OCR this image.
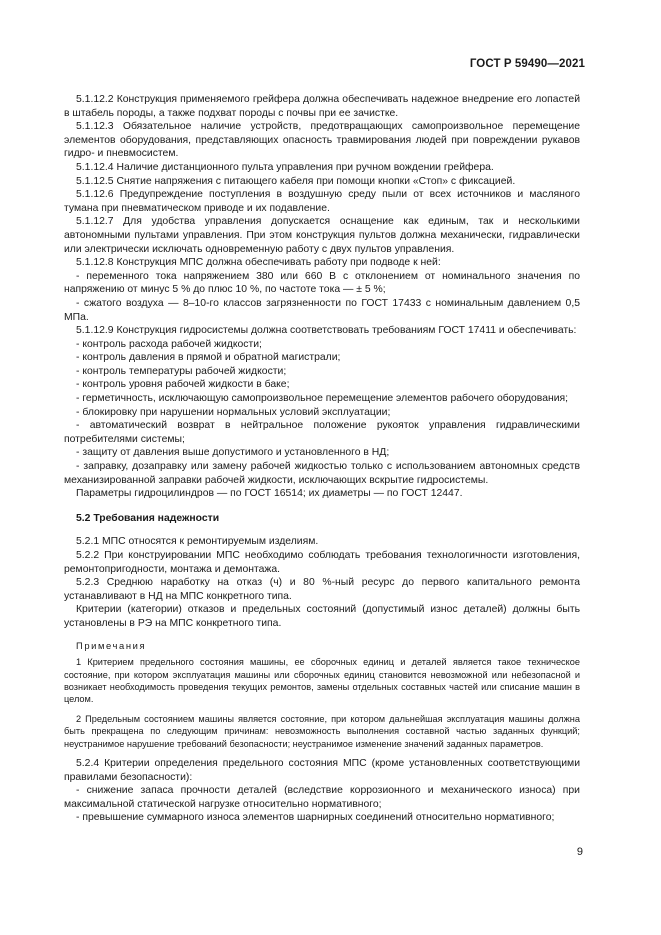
ГОСТ Р 59490—2021

5.1.12.2 Конструкция применяемого грейфера должна обеспечивать надежное внедрение его лопастей в штабель породы, а также подхват породы с почвы при ее зачистке.

5.1.12.3 Обязательное наличие устройств, предотвращающих самопроизвольное перемещение элементов оборудования, представляющих опасность травмирования людей при повреждении рукавов гидро- и пневмосистем.

5.1.12.4 Наличие дистанционного пульта управления при ручном вождении грейфера.

5.1.12.5 Снятие напряжения с питающего кабеля при помощи кнопки «Стоп» с фиксацией.

5.1.12.6 Предупреждение поступления в воздушную среду пыли от всех источников и масляного тумана при пневматическом приводе и их подавление.

5.1.12.7 Для удобства управления допускается оснащение как единым, так и несколькими автономными пультами управления. При этом конструкция пультов должна механически, гидравлически или электрически исключать одновременную работу с двух пультов управления.

5.1.12.8 Конструкция МПС должна обеспечивать работу при подводе к ней:

- переменного тока напряжением 380 или 660 В с отклонением от номинального значения по напряжению от минус 5 % до плюс 10 %, по частоте тока — ± 5 %;

- сжатого воздуха — 8–10-го классов загрязненности по ГОСТ 17433 с номинальным давлением 0,5 МПа.

5.1.12.9 Конструкция гидросистемы должна соответствовать требованиям ГОСТ 17411 и обеспечивать:

- контроль расхода рабочей жидкости;

- контроль давления в прямой и обратной магистрали;

- контроль температуры рабочей жидкости;

- контроль уровня рабочей жидкости в баке;

- герметичность, исключающую самопроизвольное перемещение элементов рабочего оборудования;

- блокировку при нарушении нормальных условий эксплуатации;

- автоматический возврат в нейтральное положение рукояток управления гидравлическими потребителями системы;

- защиту от давления выше допустимого и установленного в НД;

- заправку, дозаправку или замену рабочей жидкостью только с использованием автономных средств механизированной заправки рабочей жидкости, исключающих вскрытие гидросистемы.

Параметры гидроцилиндров — по ГОСТ 16514; их диаметры — по ГОСТ 12447.

5.2 Требования надежности

5.2.1 МПС относятся к ремонтируемым изделиям.

5.2.2 При конструировании МПС необходимо соблюдать требования технологичности изготовления, ремонтопригодности, монтажа и демонтажа.

5.2.3 Среднюю наработку на отказ (ч) и 80 %-ный ресурс до первого капитального ремонта устанавливают в НД на МПС конкретного типа.

Критерии (категории) отказов и предельных состояний (допустимый износ деталей) должны быть установлены в РЭ на МПС конкретного типа.

Примечания

1 Критерием предельного состояния машины, ее сборочных единиц и деталей является такое техническое состояние, при котором эксплуатация машины или сборочных единиц становится невозможной или небезопасной и возникает необходимость проведения текущих ремонтов, замены отдельных составных частей или списание машин в целом.

2 Предельным состоянием машины является состояние, при котором дальнейшая эксплуатация машины должна быть прекращена по следующим причинам: невозможность выполнения составной частью заданных функций; неустранимое нарушение требований безопасности; неустранимое изменение значений заданных параметров.

5.2.4 Критерии определения предельного состояния МПС (кроме установленных соответствующими правилами безопасности):

- снижение запаса прочности деталей (вследствие коррозионного и механического износа) при максимальной статической нагрузке относительно нормативного;

- превышение суммарного износа элементов шарнирных соединений относительно нормативного;

9
